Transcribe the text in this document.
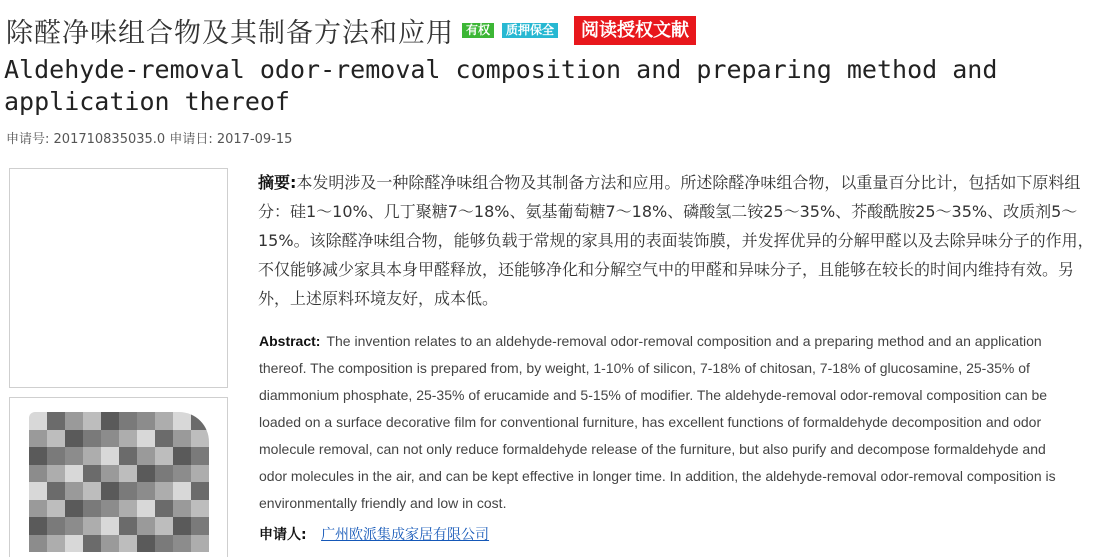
除醛净味组合物及其制备方法和应用	有权	质押保全	阅读授权文献
Aldehyde-removal odor-removal composition and preparing method and application thereof
申请号: 201710835035.0 申请日: 2017-09-15
摘要:本发明涉及一种除醛净味组合物及其制备方法和应用。所述除醛净味组合物，以重量百分比计，包括如下原料组分：硅1～10%、几丁聚糖7～18%、氨基葡萄糖7～18%、磷酸氢二铵25～35%、芥酸酰胺25～35%、改质剂5～15%。该除醛净味组合物，能够负载于常规的家具用的表面装饰膜，并发挥优异的分解甲醛以及去除异味分子的作用，不仅能够减少家具本身甲醛释放，还能够净化和分解空气中的甲醛和异味分子，且能够在较长的时间内维持有效。另外，上述原料环境友好，成本低。
Abstract: The invention relates to an aldehyde-removal odor-removal composition and a preparing method and an application thereof. The composition is prepared from, by weight, 1-10% of silicon, 7-18% of chitosan, 7-18% of glucosamine, 25-35% of diammonium phosphate, 25-35% of erucamide and 5-15% of modifier. The aldehyde-removal odor-removal composition can be loaded on a surface decorative film for conventional furniture, has excellent functions of formaldehyde decomposition and odor molecule removal, can not only reduce formaldehyde release of the furniture, but also purify and decompose formaldehyde and odor molecules in the air, and can be kept effective in longer time. In addition, the aldehyde-removal odor-removal composition is environmentally friendly and low in cost.
申请人: 广州欧派集成家居有限公司
